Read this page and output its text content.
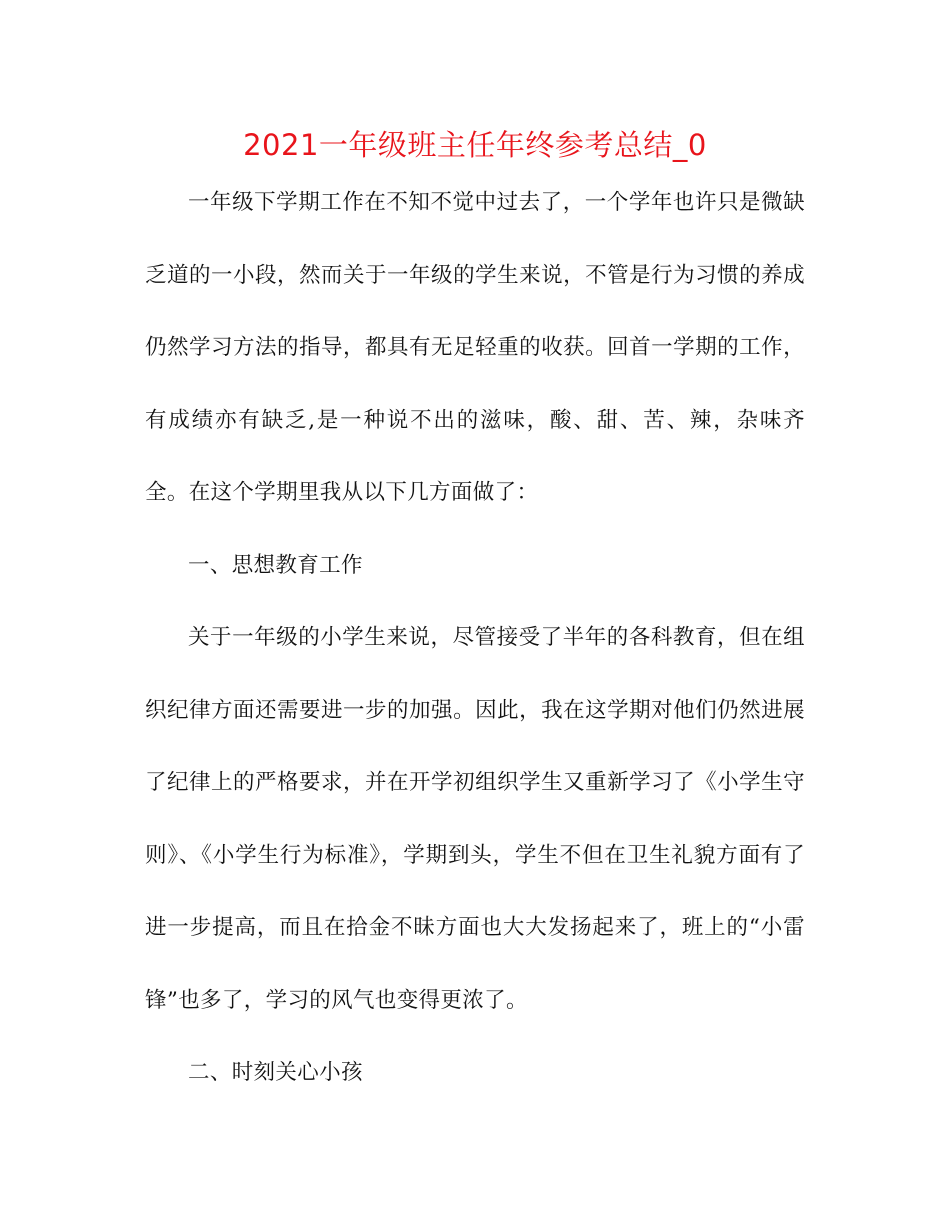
2021一年级班主任年终参考总结_0

一年级下学期工作在不知不觉中过去了，一个学年也许只是微缺乏道的一小段，然而关于一年级的学生来说，不管是行为习惯的养成仍然学习方法的指导，都具有无足轻重的收获。回首一学期的工作，有成绩亦有缺乏,是一种说不出的滋味，酸、甜、苦、辣，杂味齐全。在这个学期里我从以下几方面做了：

一、思想教育工作

关于一年级的小学生来说，尽管接受了半年的各科教育，但在组织纪律方面还需要进一步的加强。因此，我在这学期对他们仍然进展了纪律上的严格要求，并在开学初组织学生又重新学习了《小学生守则》、《小学生行为标准》，学期到头，学生不但在卫生礼貌方面有了进一步提高，而且在拾金不昧方面也大大发扬起来了，班上的“小雷锋”也多了，学习的风气也变得更浓了。

二、时刻关心小孩
